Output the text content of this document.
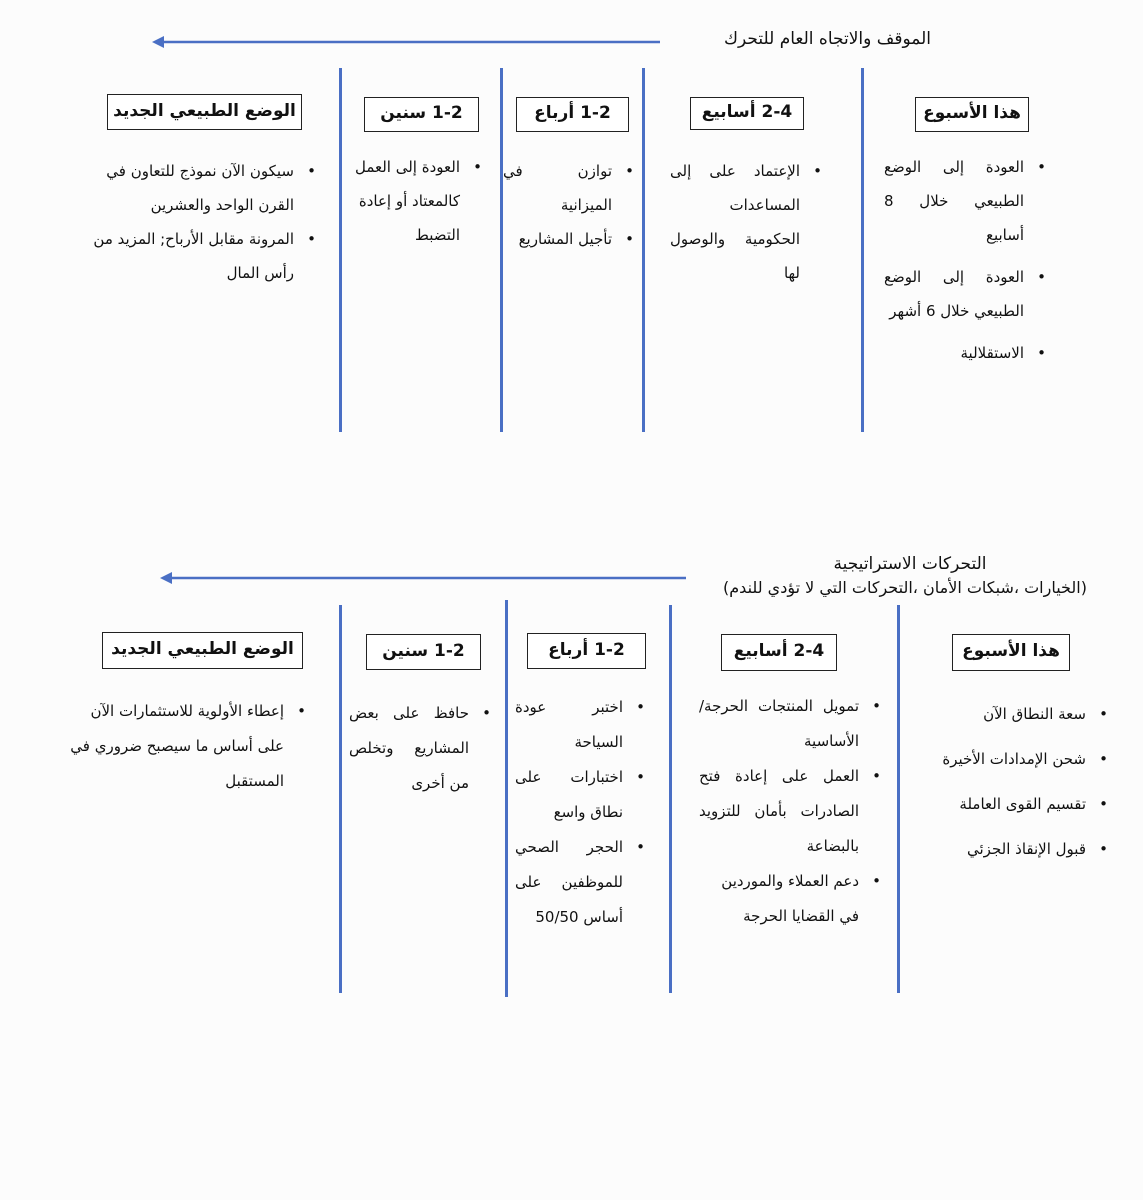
الموقف والاتجاه العام للتحرك
هذا الأسبوع
• العودة إلى الوضع الطبيعي خلال 8 أسابيع
• العودة إلى الوضع الطبيعي خلال 6 أشهر
• الاستقلالية
2-4 أسابيع
• الإعتماد على إلى المساعدات الحكومية والوصول لها
1-2 أرباع
• توازن في الميزانية
• تأجيل المشاريع
1-2 سنين
• العودة إلى العمل كالمعتاد أو إعادة التضبط
الوضع الطبيعي الجديد
• سيكون الآن نموذج للتعاون في القرن الواحد والعشرين
• المرونة مقابل الأرباح; المزيد من رأس المال
التحركات الاستراتيجية
(الخيارات ،شبكات الأمان ،التحركات التي لا تؤدي للندم)
هذا الأسبوع
• سعة النطاق الآن
• شحن الإمدادات الأخيرة
• تقسيم القوى العاملة
• قبول الإنقاذ الجزئي
2-4 أسابيع
• تمويل المنتجات الحرجة/ الأساسية
• العمل على إعادة فتح الصادرات بأمان للتزويد بالبضاعة
• دعم العملاء والموردين في القضايا الحرجة
1-2 أرباع
• اختبر عودة السياحة
• اختبارات على نطاق واسع
• الحجر الصحي للموظفين على أساس 50/50
1-2 سنين
• حافظ على بعض المشاريع وتخلص من أخرى
الوضع الطبيعي الجديد
• إعطاء الأولوية للاستثمارات الآن على أساس ما سيصبح ضروري في المستقبل
